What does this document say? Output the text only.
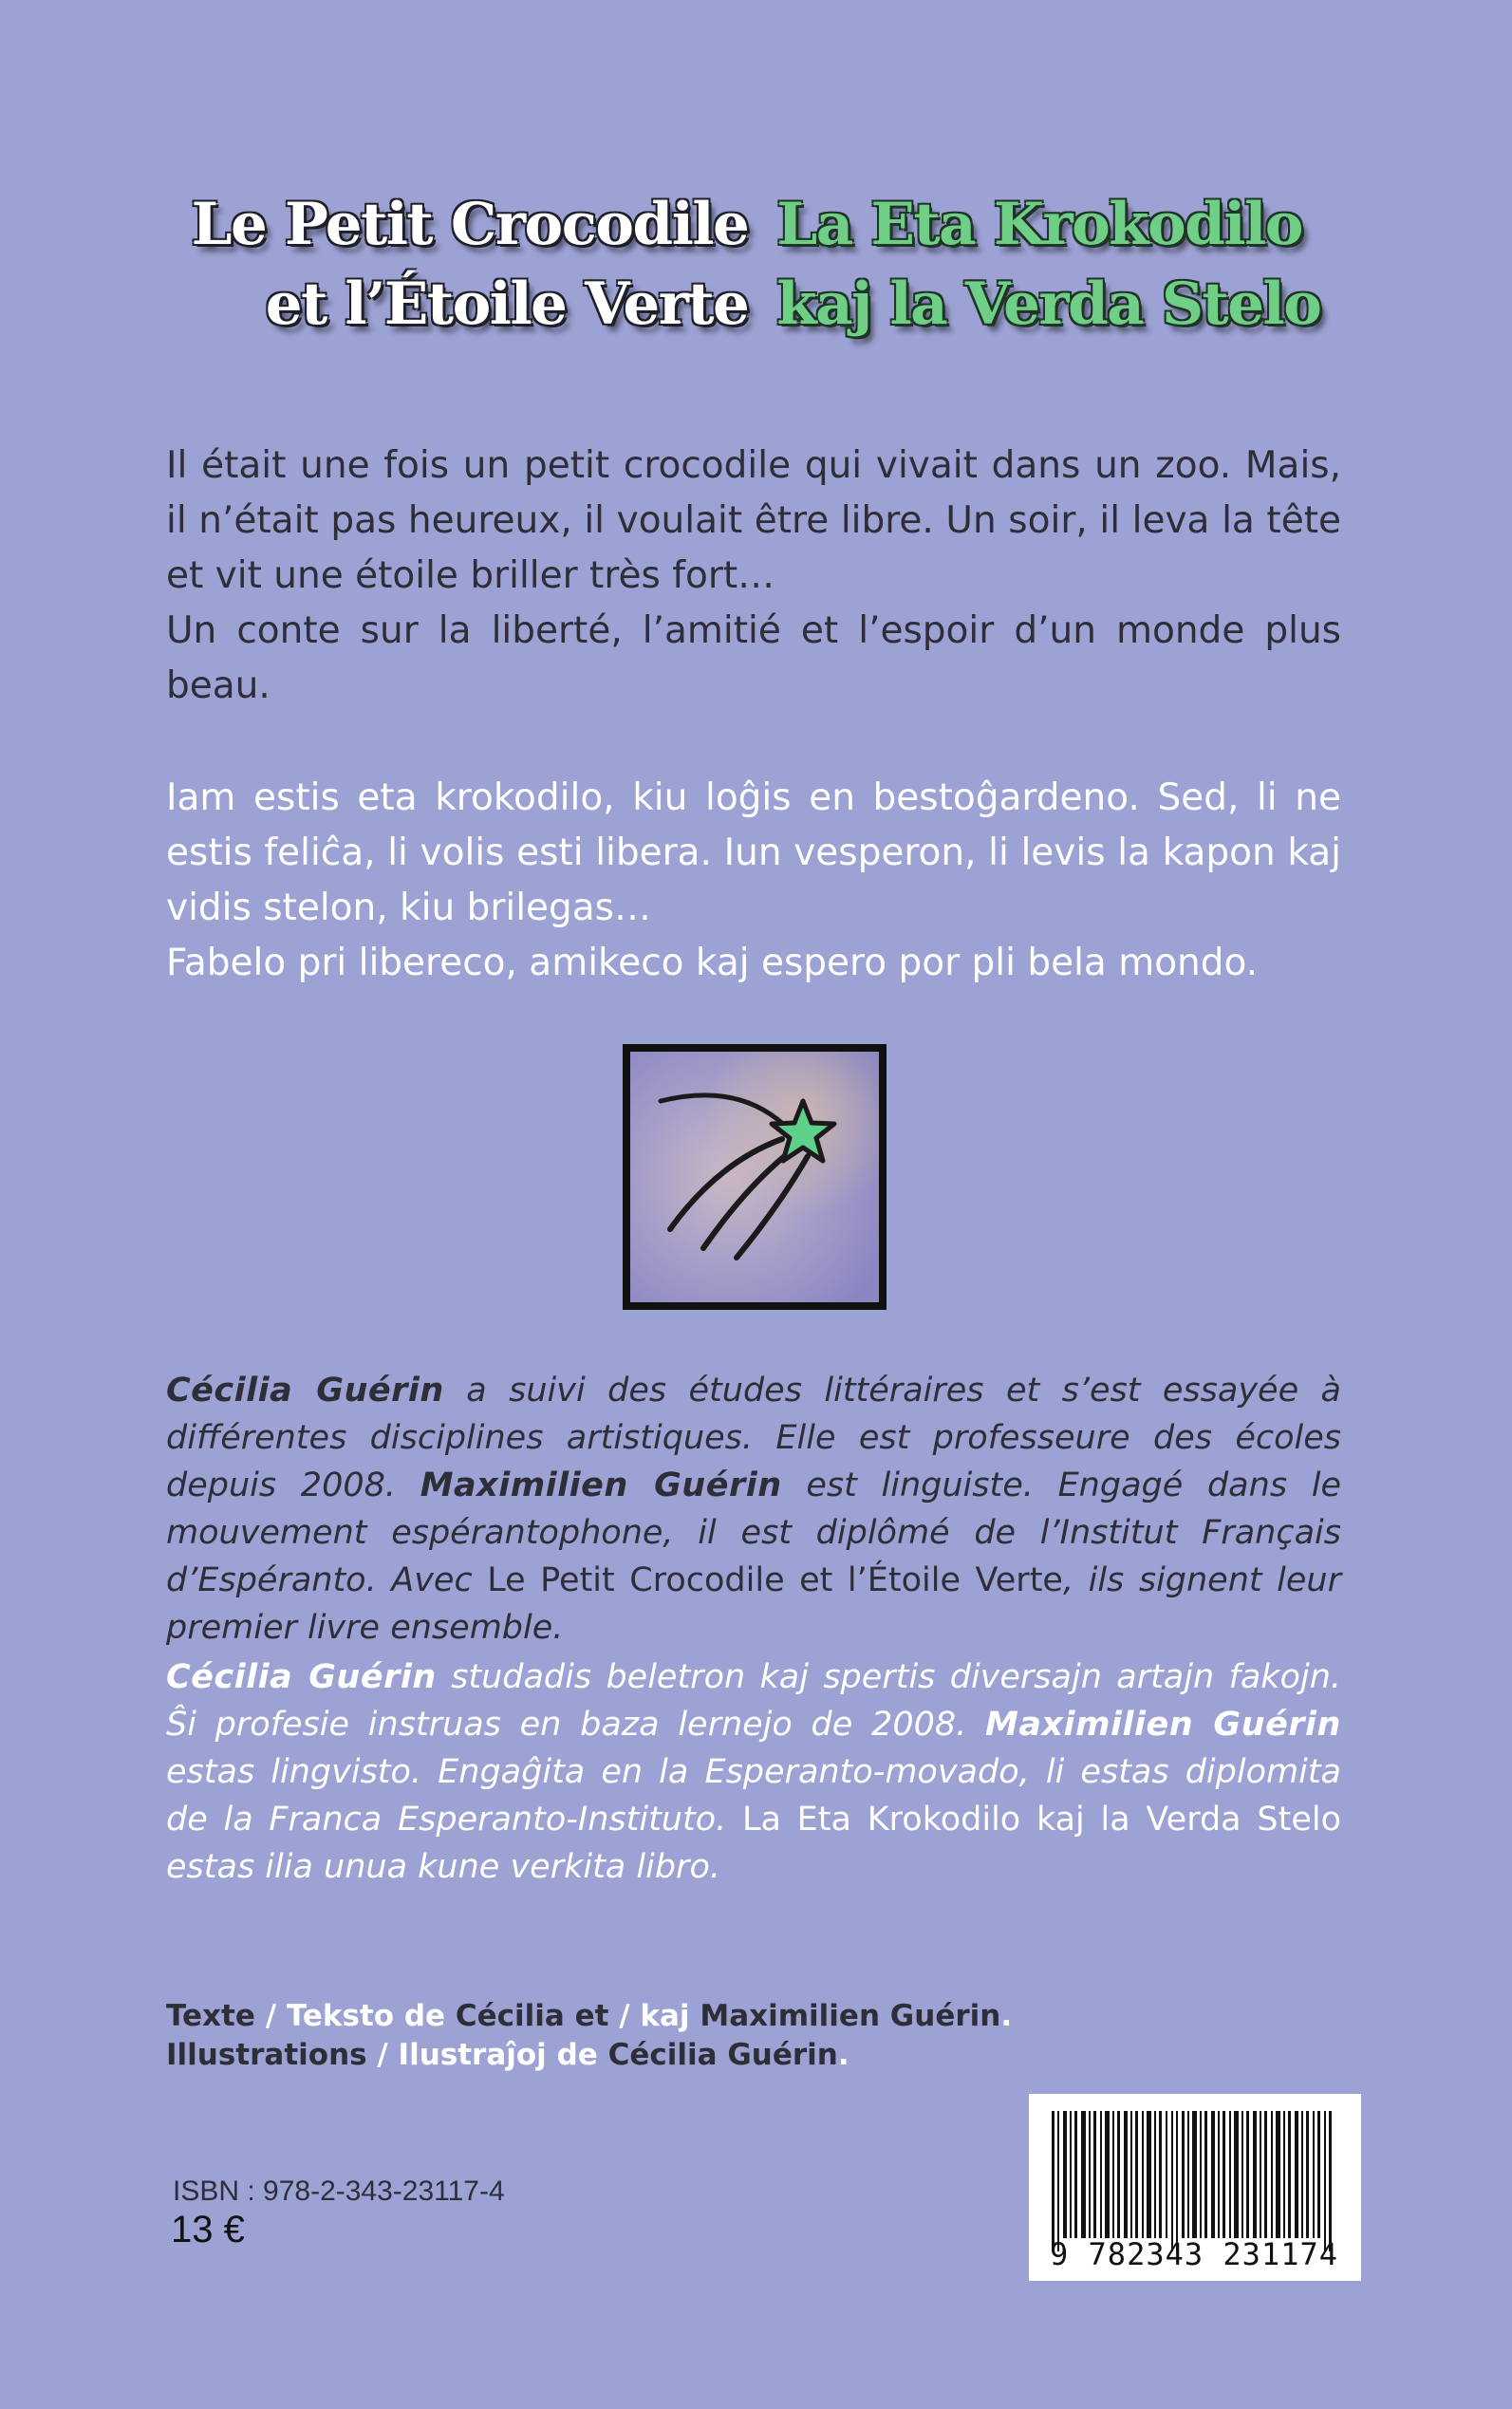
Le Petit Crocodile
et l’Étoile Verte
La Eta Krokodilo
kaj la Verda Stelo

Il était une fois un petit crocodile qui vivait dans un zoo. Mais, il n’était pas heureux, il voulait être libre. Un soir, il leva la tête et vit une étoile briller très fort…

Un conte sur la liberté, l’amitié et l’espoir d’un monde plus beau.

Iam estis eta krokodilo, kiu loĝis en bestoĝardeno. Sed, li ne estis feliĉa, li volis esti libera. Iun vesperon, li levis la kapon kaj vidis stelon, kiu brilegas…

Fabelo pri libereco, amikeco kaj espero por pli bela mondo.

Cécilia Guérin a suivi des études littéraires et s’est essayée à différentes disciplines artistiques. Elle est professeure des écoles depuis 2008. Maximilien Guérin est linguiste. Engagé dans le mouvement espérantophone, il est diplômé de l’Institut Français d’Espéranto. Avec Le Petit Crocodile et l’Étoile Verte, ils signent leur premier livre ensemble.
Cécilia Guérin studadis beletron kaj spertis diversajn artajn fakojn. Ŝi profesie instruas en baza lernejo de 2008. Maximilien Guérin estas lingvisto. Engaĝita en la Esperanto-movado, li estas diplomita de la Franca Esperanto-Instituto. La Eta Krokodilo kaj la Verda Stelo estas ilia unua kune verkita libro.
Texte / Teksto de Cécilia et / kaj Maximilien Guérin.
Illustrations / Ilustraĵoj de Cécilia Guérin.
ISBN : 978-2-343-23117-4
13 €
9 782343 231174
